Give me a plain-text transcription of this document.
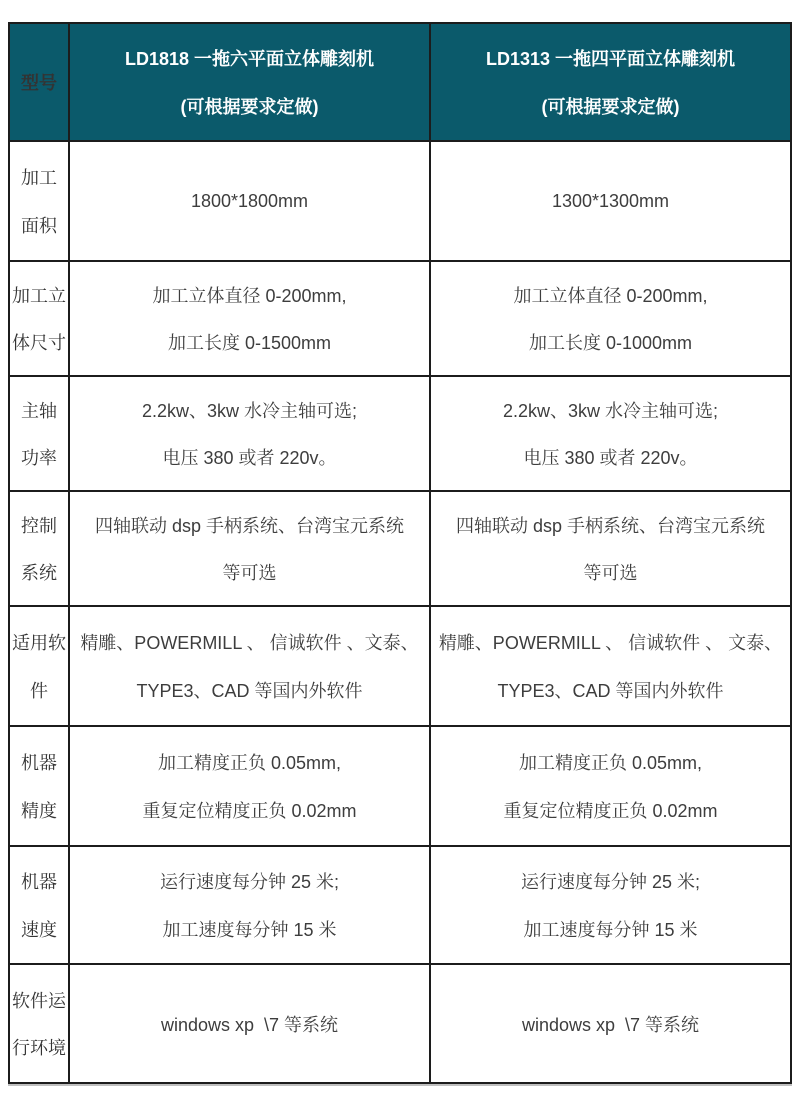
型号
LD1818 一拖六平面立体雕刻机
(可根据要求定做)
LD1313 一拖四平面立体雕刻机
(可根据要求定做)
加工
面积
1800*1800mm	1300*1300mm
加工立
体尺寸
加工立体直径 0-200mm,
加工长度 0-1500mm
加工立体直径 0-200mm,
加工长度 0-1000mm
主轴
功率
2.2kw、3kw 水冷主轴可选;
电压 380 或者 220v。
2.2kw、3kw 水冷主轴可选;
电压 380 或者 220v。
控制
系统
四轴联动 dsp 手柄系统、台湾宝元系统
等可选
四轴联动 dsp 手柄系统、台湾宝元系统
等可选
适用软
件
精雕、POWERMILL 、 信诚软件 、文泰、
TYPE3、CAD 等国内外软件
精雕、POWERMILL 、 信诚软件 、 文泰、
TYPE3、CAD 等国内外软件
机器
精度
加工精度正负 0.05mm,
重复定位精度正负 0.02mm
加工精度正负 0.05mm,
重复定位精度正负 0.02mm
机器
速度
运行速度每分钟 25 米;
加工速度每分钟 15 米
运行速度每分钟 25 米;
加工速度每分钟 15 米
软件运
行环境
windows xp  \7 等系统	windows xp  \7 等系统
